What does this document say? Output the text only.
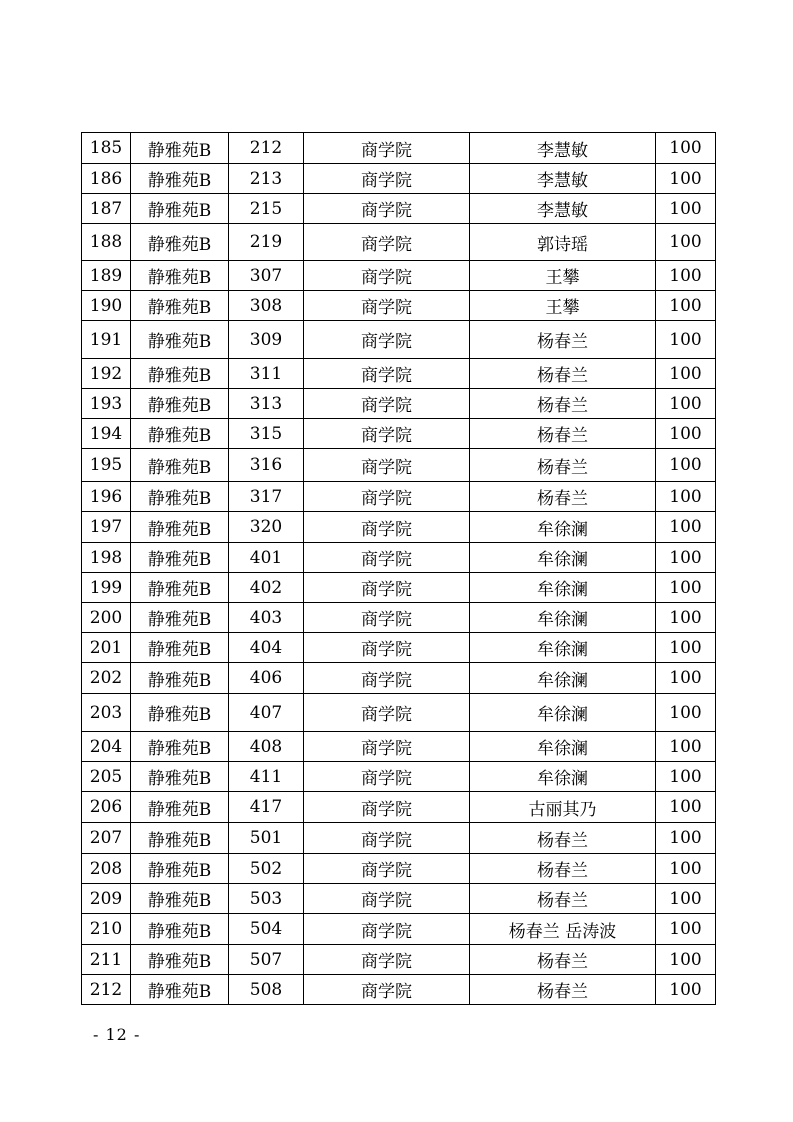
185	静雅苑B	212	商学院	李慧敏	100
186	静雅苑B	213	商学院	李慧敏	100
187	静雅苑B	215	商学院	李慧敏	100
188	静雅苑B	219	商学院	郭诗瑶	100
189	静雅苑B	307	商学院	王攀	100
190	静雅苑B	308	商学院	王攀	100
191	静雅苑B	309	商学院	杨春兰	100
192	静雅苑B	311	商学院	杨春兰	100
193	静雅苑B	313	商学院	杨春兰	100
194	静雅苑B	315	商学院	杨春兰	100
195	静雅苑B	316	商学院	杨春兰	100
196	静雅苑B	317	商学院	杨春兰	100
197	静雅苑B	320	商学院	牟徐澜	100
198	静雅苑B	401	商学院	牟徐澜	100
199	静雅苑B	402	商学院	牟徐澜	100
200	静雅苑B	403	商学院	牟徐澜	100
201	静雅苑B	404	商学院	牟徐澜	100
202	静雅苑B	406	商学院	牟徐澜	100
203	静雅苑B	407	商学院	牟徐澜	100
204	静雅苑B	408	商学院	牟徐澜	100
205	静雅苑B	411	商学院	牟徐澜	100
206	静雅苑B	417	商学院	古丽其乃	100
207	静雅苑B	501	商学院	杨春兰	100
208	静雅苑B	502	商学院	杨春兰	100
209	静雅苑B	503	商学院	杨春兰	100
210	静雅苑B	504	商学院	杨春兰 岳涛波	100
211	静雅苑B	507	商学院	杨春兰	100
212	静雅苑B	508	商学院	杨春兰	100
- 12 -
